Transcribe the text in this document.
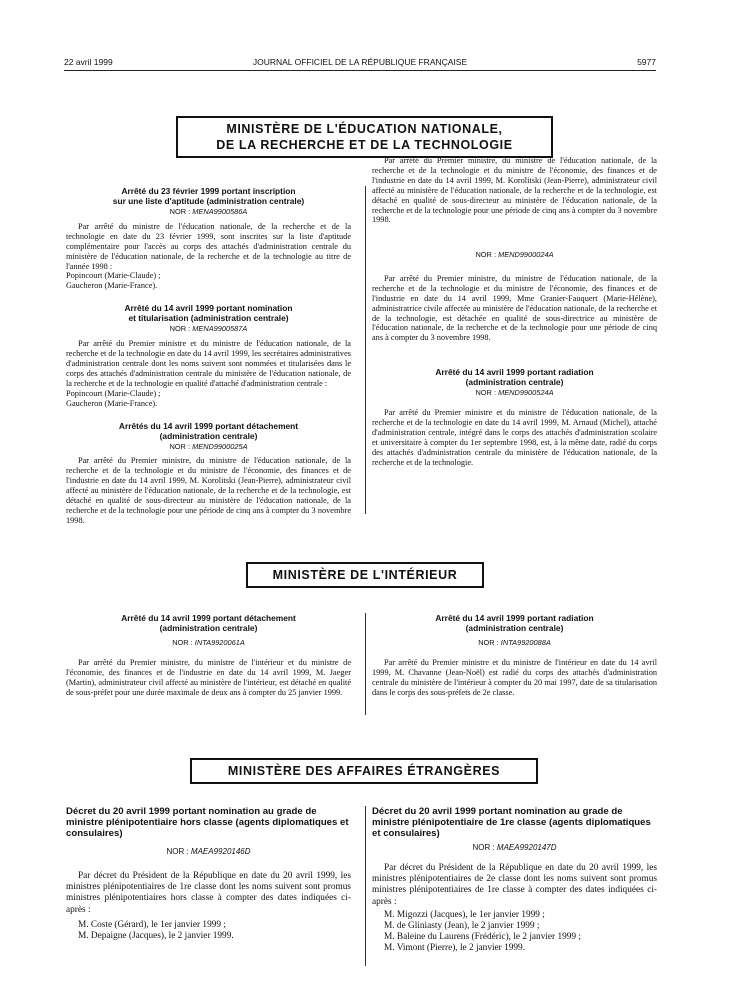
22 avril 1999	JOURNAL OFFICIEL DE LA RÉPUBLIQUE FRANÇAISE	5977
MINISTÈRE DE L'ÉDUCATION NATIONALE,
DE LA RECHERCHE ET DE LA TECHNOLOGIE
Arrêté du 23 février 1999 portant inscription
sur une liste d'aptitude (administration centrale)
NOR : MENA9900586A

Par arrêté du ministre de l'éducation nationale, de la recherche et de la technologie en date du 23 février 1999, sont inscrites sur la liste d'aptitude complémentaire pour l'accès au corps des attachés d'administration centrale du ministère de l'éducation nationale, de la recherche et de la technologie au titre de l'année 1998 :

Popincourt (Marie-Claude) ;

Gaucheron (Marie-France).

Arrêté du 14 avril 1999 portant nomination
et titularisation (administration centrale)
NOR : MENA9900587A

Par arrêté du Premier ministre et du ministre de l'éducation nationale, de la recherche et de la technologie en date du 14 avril 1999, les secrétaires administratives d'administration centrale dont les noms suivent sont nommées et titularisées dans le corps des attachés d'administration centrale du ministère de l'éducation nationale, de la recherche et de la technologie en qualité d'attaché d'administration centrale :

Popincourt (Marie-Claude) ;

Gaucheron (Marie-France).

Arrêtés du 14 avril 1999 portant détachement
(administration centrale)
NOR : MEND9900025A

Par arrêté du Premier ministre, du ministre de l'éducation nationale, de la recherche et de la technologie et du ministre de l'économie, des finances et de l'industrie en date du 14 avril 1999, M. Korolitski (Jean-Pierre), administrateur civil affecté au ministère de l'éducation nationale, de la recherche et de la technologie, est détaché en qualité de sous-directeur au ministère de l'éducation nationale, de la recherche et de la technologie pour une période de cinq ans à compter du 3 novembre 1998.

Par arrêté du Premier ministre, du ministre de l'éducation nationale, de la recherche et de la technologie et du ministre de l'économie, des finances et de l'industrie en date du 14 avril 1999, M. Korolitski (Jean-Pierre), administrateur civil affecté au ministère de l'éducation nationale, de la recherche et de la technologie, est détaché en qualité de sous-directeur au ministère de l'éducation nationale, de la recherche et de la technologie pour une période de cinq ans à compter du 3 novembre 1998.

NOR : MEND9900024A

Par arrêté du Premier ministre, du ministre de l'éducation nationale, de la recherche et de la technologie et du ministre de l'économie, des finances et de l'industrie en date du 14 avril 1999, Mme Granier-Fauquert (Marie-Hélène), administratrice civile affectée au ministère de l'éducation nationale, de la recherche et de la technologie, est détachée en qualité de sous-directrice au ministère de l'éducation nationale, de la recherche et de la technologie pour une période de cinq ans à compter du 3 novembre 1998.

Arrêté du 14 avril 1999 portant radiation
(administration centrale)
NOR : MEND9900524A

Par arrêté du Premier ministre et du ministre de l'éducation nationale, de la recherche et de la technologie en date du 14 avril 1999, M. Arnaud (Michel), attaché d'administration centrale, intégré dans le corps des attachés d'administration scolaire et universitaire à compter du 1er septembre 1998, est, à la même date, radié du corps des attachés d'administration centrale du ministère de l'éducation nationale, de la recherche et de la technologie.

MINISTÈRE DE L'INTÉRIEUR
Arrêté du 14 avril 1999 portant détachement
(administration centrale)
NOR : INTA9920061A

Par arrêté du Premier ministre, du ministre de l'intérieur et du ministre de l'économie, des finances et de l'industrie en date du 14 avril 1999, M. Jaeger (Martin), administrateur civil affecté au ministère de l'intérieur, est détaché en qualité de sous-préfet pour une durée maximale de deux ans à compter du 25 janvier 1999.

Arrêté du 14 avril 1999 portant radiation
(administration centrale)
NOR : INTA9920088A

Par arrêté du Premier ministre et du ministre de l'intérieur en date du 14 avril 1999, M. Chavanne (Jean-Noël) est radié du corps des attachés d'administration centrale du ministère de l'intérieur à compter du 20 mai 1997, date de sa titularisation dans le corps des sous-préfets de 2e classe.

MINISTÈRE DES AFFAIRES ÉTRANGÈRES
Décret du 20 avril 1999 portant nomination au grade de ministre plénipotentiaire hors classe (agents diplomatiques et consulaires)
NOR : MAEA9920146D

Par décret du Président de la République en date du 20 avril 1999, les ministres plénipotentiaires de 1re classe dont les noms suivent sont promus ministres plénipotentiaires hors classe à compter des dates indiquées ci-après :

M. Coste (Gérard), le 1er janvier 1999 ;

M. Depaigne (Jacques), le 2 janvier 1999.

Décret du 20 avril 1999 portant nomination au grade de ministre plénipotentiaire de 1re classe (agents diplomatiques et consulaires)
NOR : MAEA9920147D

Par décret du Président de la République en date du 20 avril 1999, les ministres plénipotentiaires de 2e classe dont les noms suivent sont promus ministres plénipotentiaires de 1re classe à compter des dates indiquées ci-après :

M. Migozzi (Jacques), le 1er janvier 1999 ;

M. de Gliniasty (Jean), le 2 janvier 1999 ;

M. Baleine du Laurens (Frédéric), le 2 janvier 1999 ;

M. Vimont (Pierre), le 2 janvier 1999.
